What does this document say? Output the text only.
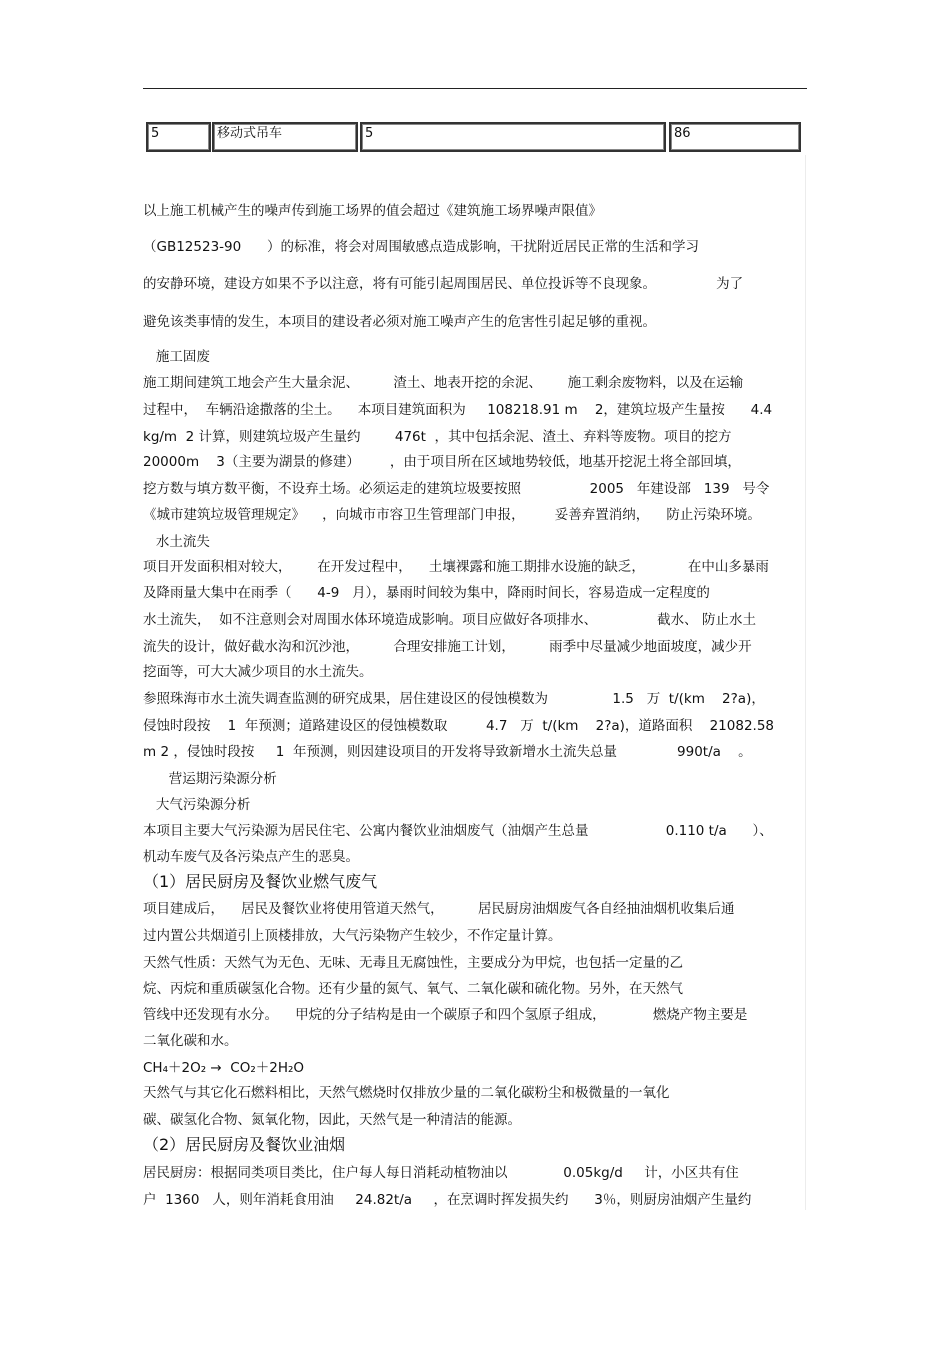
5	移动式吊车	5	86
以上施工机械产生的噪声传到施工场界的值会超过《建筑施工场界噪声限值》
（GB12523-90      ）的标准，将会对周围敏感点造成影响，干扰附近居民正常的生活和学习
的安静环境，建设方如果不予以注意，将有可能引起周围居民、单位投诉等不良现象。              为了
避免该类事情的发生，本项目的建设者必须对施工噪声产生的危害性引起足够的重视。
施工固废
施工期间建筑工地会产生大量余泥、        渣土、地表开挖的余泥、      施工剩余废物料，以及在运输
过程中，  车辆沿途撒落的尘土。    本项目建筑面积为     108218.91 m    2，建筑垃圾产生量按      4.4
kg/m  2 计算，则建筑垃圾产生量约        476t  ，其中包括余泥、渣土、弃料等废物。项目的挖方
20000m    3（主要为湖景的修建）       ，由于项目所在区域地势较低，地基开挖泥土将全部回填，
挖方数与填方数平衡，不设弃土场。必须运走的建筑垃圾要按照                2005   年建设部   139   号令
《城市建筑垃圾管理规定》    ，向城市市容卫生管理部门申报，       妥善弃置消纳，    防止污染环境。
水土流失
项目开发面积相对较大，      在开发过程中，    土壤裸露和施工期排水设施的缺乏，          在中山多暴雨
及降雨量大集中在雨季（      4-9   月），暴雨时间较为集中，降雨时间长，容易造成一定程度的
水土流失，  如不注意则会对周围水体环境造成影响。项目应做好各项排水、              截水、 防止水土
流失的设计，做好截水沟和沉沙池，        合理安排施工计划，        雨季中尽量减少地面坡度，减少开
挖面等，可大大减少项目的水土流失。
参照珠海市水土流失调查监测的研究成果，居住建设区的侵蚀模数为               1.5   万  t/(km    2?a)，
侵蚀时段按    1  年预测；道路建设区的侵蚀模数取         4.7   万  t/(km    2?a)，道路面积    21082.58
m 2 ，侵蚀时段按     1  年预测，则因建设项目的开发将导致新增水土流失总量              990t/a    。
营运期污染源分析
大气污染源分析
本项目主要大气污染源为居民住宅、公寓内餐饮业油烟废气（油烟产生总量                  0.110 t/a      ）、
机动车废气及各污染点产生的恶臭。
（1）居民厨房及餐饮业燃气废气
项目建成后，    居民及餐饮业将使用管道天然气，        居民厨房油烟废气各自经抽油烟机收集后通
过内置公共烟道引上顶楼排放，大气污染物产生较少，不作定量计算。
天然气性质：天然气为无色、无味、无毒且无腐蚀性，主要成分为甲烷，也包括一定量的乙
烷、丙烷和重质碳氢化合物。还有少量的氮气、氧气、二氧化碳和硫化物。另外，在天然气
管线中还发现有水分。    甲烷的分子结构是由一个碳原子和四个氢原子组成，           燃烧产物主要是
二氧化碳和水。
CH₄＋2O₂ →  CO₂＋2H₂O
天然气与其它化石燃料相比，天然气燃烧时仅排放少量的二氧化碳粉尘和极微量的一氧化
碳、碳氢化合物、氮氧化物，因此，天然气是一种清洁的能源。
（2）居民厨房及餐饮业油烟
居民厨房：根据同类项目类比，住户每人每日消耗动植物油以             0.05kg/d     计，小区共有住
户  1360   人，则年消耗食用油     24.82t/a     ，在烹调时挥发损失约      3％，则厨房油烟产生量约
